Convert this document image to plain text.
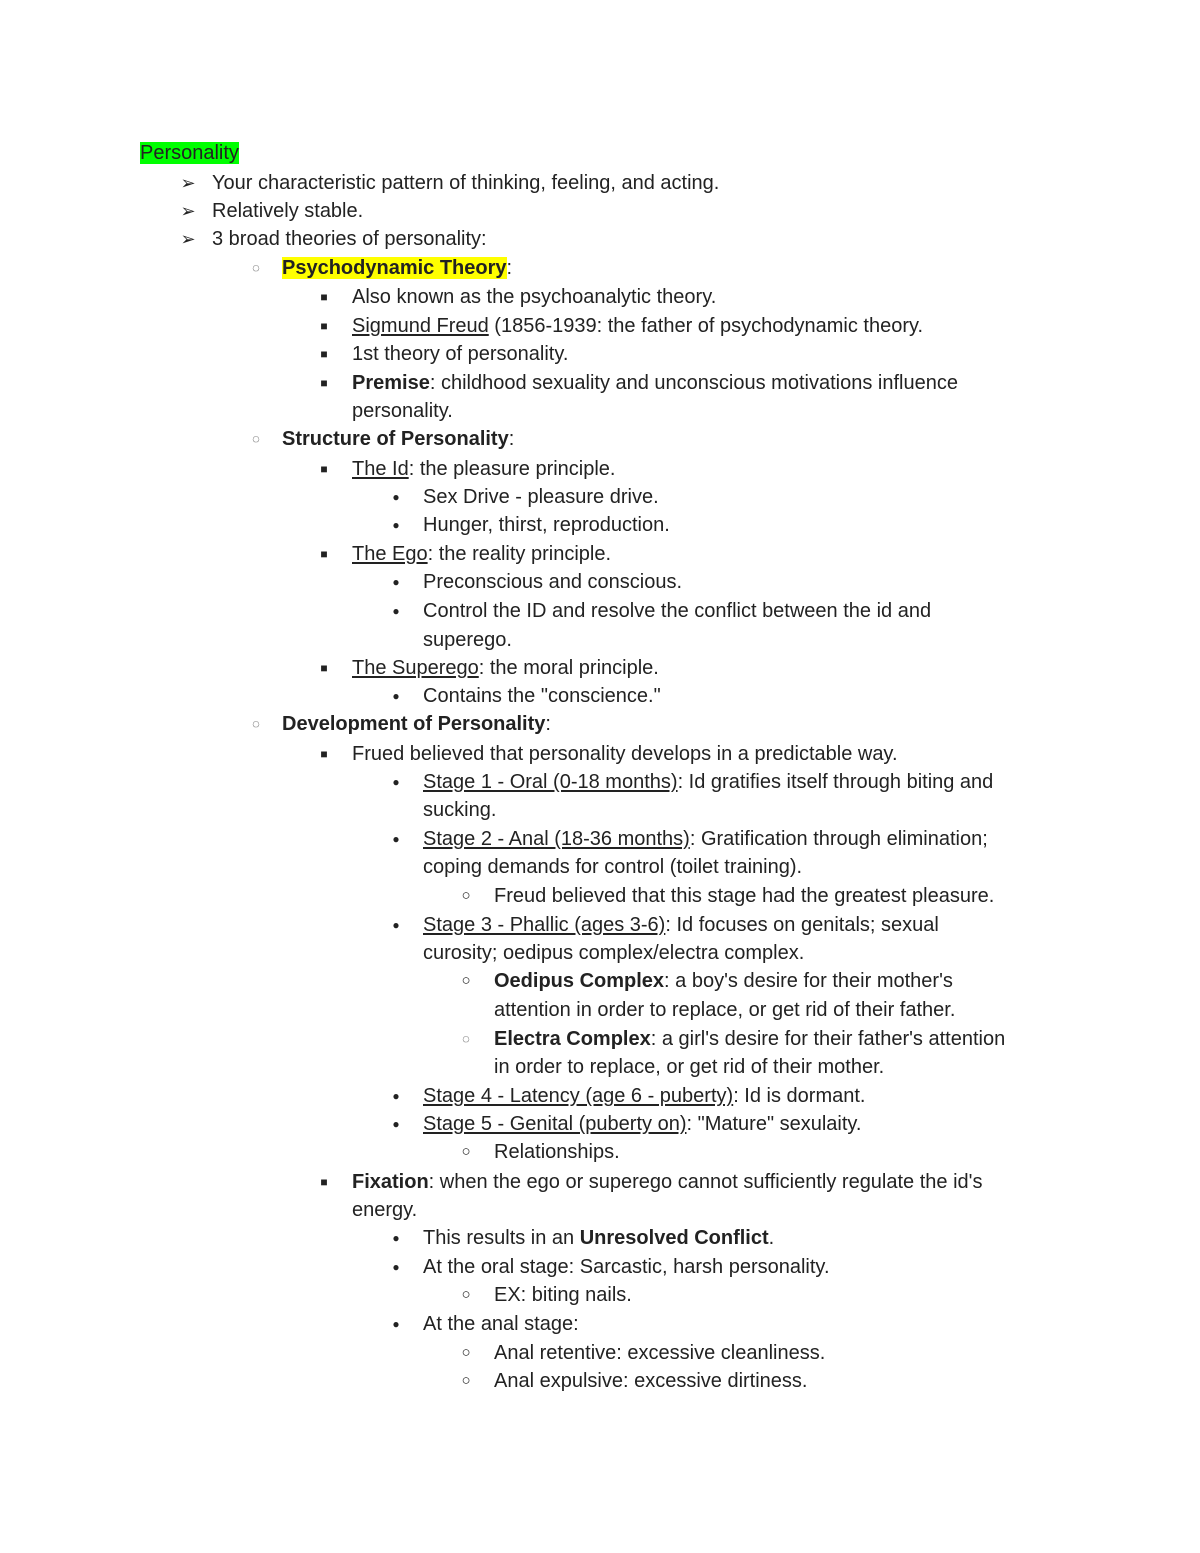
Personality
➢ Your characteristic pattern of thinking, feeling, and acting.
➢ Relatively stable.
➢ 3 broad theories of personality:
◌	Psychodynamic Theory:
■	Also known as the psychoanalytic theory.
■	Sigmund Freud (1856-1939: the father of psychodynamic theory.
■	1st theory of personality.
■	Premise: childhood sexuality and unconscious motivations influence
personality.
◌	Structure of Personality:
■	The Id: the pleasure principle.
●	Sex Drive - pleasure drive.
●	Hunger, thirst, reproduction.
■	The Ego: the reality principle.
●	Preconscious and conscious.
●	Control the ID and resolve the conflict between the id and
superego.
■	The Superego: the moral principle.
●	Contains the "conscience."
◌	Development of Personality:
■	Frued believed that personality develops in a predictable way.
●	Stage 1 - Oral (0-18 months): Id gratifies itself through biting and
sucking.
●	Stage 2 - Anal (18-36 months): Gratification through elimination;
coping demands for control (toilet training).
○ Freud believed that this stage had the greatest pleasure.
●	Stage 3 - Phallic (ages 3-6): Id focuses on genitals; sexual
curosity; oedipus complex/electra complex.
○ Oedipus Complex: a boy's desire for their mother's
attention in order to replace, or get rid of their father.
◌	Electra Complex: a girl's desire for their father's attention
in order to replace, or get rid of their mother.
●	Stage 4 - Latency (age 6 - puberty): Id is dormant.
●	Stage 5 - Genital (puberty on): "Mature" sexulaity.
○ Relationships.
■	Fixation: when the ego or superego cannot sufficiently regulate the id's
energy.
●	This results in an Unresolved Conflict.
●	At the oral stage: Sarcastic, harsh personality.
○ EX: biting nails.
●	At the anal stage:
○ Anal retentive: excessive cleanliness.
○ Anal expulsive: excessive dirtiness.
